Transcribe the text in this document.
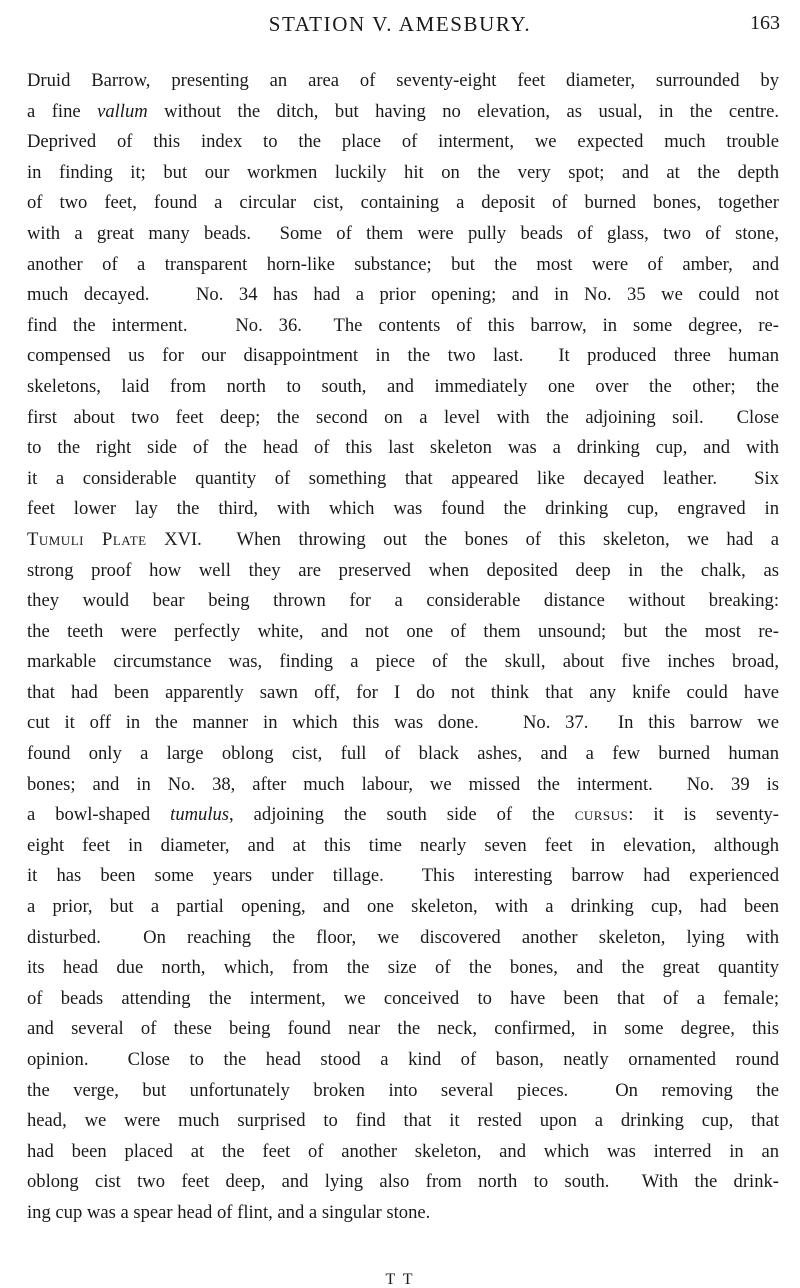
STATION V. AMESBURY.	163
Druid Barrow, presenting an area of seventy-eight feet diameter, surrounded by
a fine vallum without the ditch, but having no elevation, as usual, in the centre.
Deprived of this index to the place of interment, we expected much trouble
in finding it; but our workmen luckily hit on the very spot; and at the depth
of two feet, found a circular cist, containing a deposit of burned bones, together
with a great many beads.  Some of them were pully beads of glass, two of stone,
another of a transparent horn-like substance; but the most were of amber, and
much decayed.   No. 34 has had a prior opening; and in No. 35 we could not
find the interment.   No. 36.  The contents of this barrow, in some degree, re-
compensed us for our disappointment in the two last.  It produced three human
skeletons, laid from north to south, and immediately one over the other; the
first about two feet deep; the second on a level with the adjoining soil.  Close
to the right side of the head of this last skeleton was a drinking cup, and with
it a considerable quantity of something that appeared like decayed leather.  Six
feet lower lay the third, with which was found the drinking cup, engraved in
Tumuli Plate XVI.  When throwing out the bones of this skeleton, we had a
strong proof how well they are preserved when deposited deep in the chalk, as
they would bear being thrown for a considerable distance without breaking:
the teeth were perfectly white, and not one of them unsound; but the most re-
markable circumstance was, finding a piece of the skull, about five inches broad,
that had been apparently sawn off, for I do not think that any knife could have
cut it off in the manner in which this was done.   No. 37.  In this barrow we
found only a large oblong cist, full of black ashes, and a few burned human
bones; and in No. 38, after much labour, we missed the interment.  No. 39 is
a bowl-shaped tumulus, adjoining the south side of the cursus: it is seventy-
eight feet in diameter, and at this time nearly seven feet in elevation, although
it has been some years under tillage.  This interesting barrow had experienced
a prior, but a partial opening, and one skeleton, with a drinking cup, had been
disturbed.  On reaching the floor, we discovered another skeleton, lying with
its head due north, which, from the size of the bones, and the great quantity
of beads attending the interment, we conceived to have been that of a female;
and several of these being found near the neck, confirmed, in some degree, this
opinion.  Close to the head stood a kind of bason, neatly ornamented round
the verge, but unfortunately broken into several pieces.  On removing the
head, we were much surprised to find that it rested upon a drinking cup, that
had been placed at the feet of another skeleton, and which was interred in an
oblong cist two feet deep, and lying also from north to south.  With the drink-
ing cup was a spear head of flint, and a singular stone.
T T
